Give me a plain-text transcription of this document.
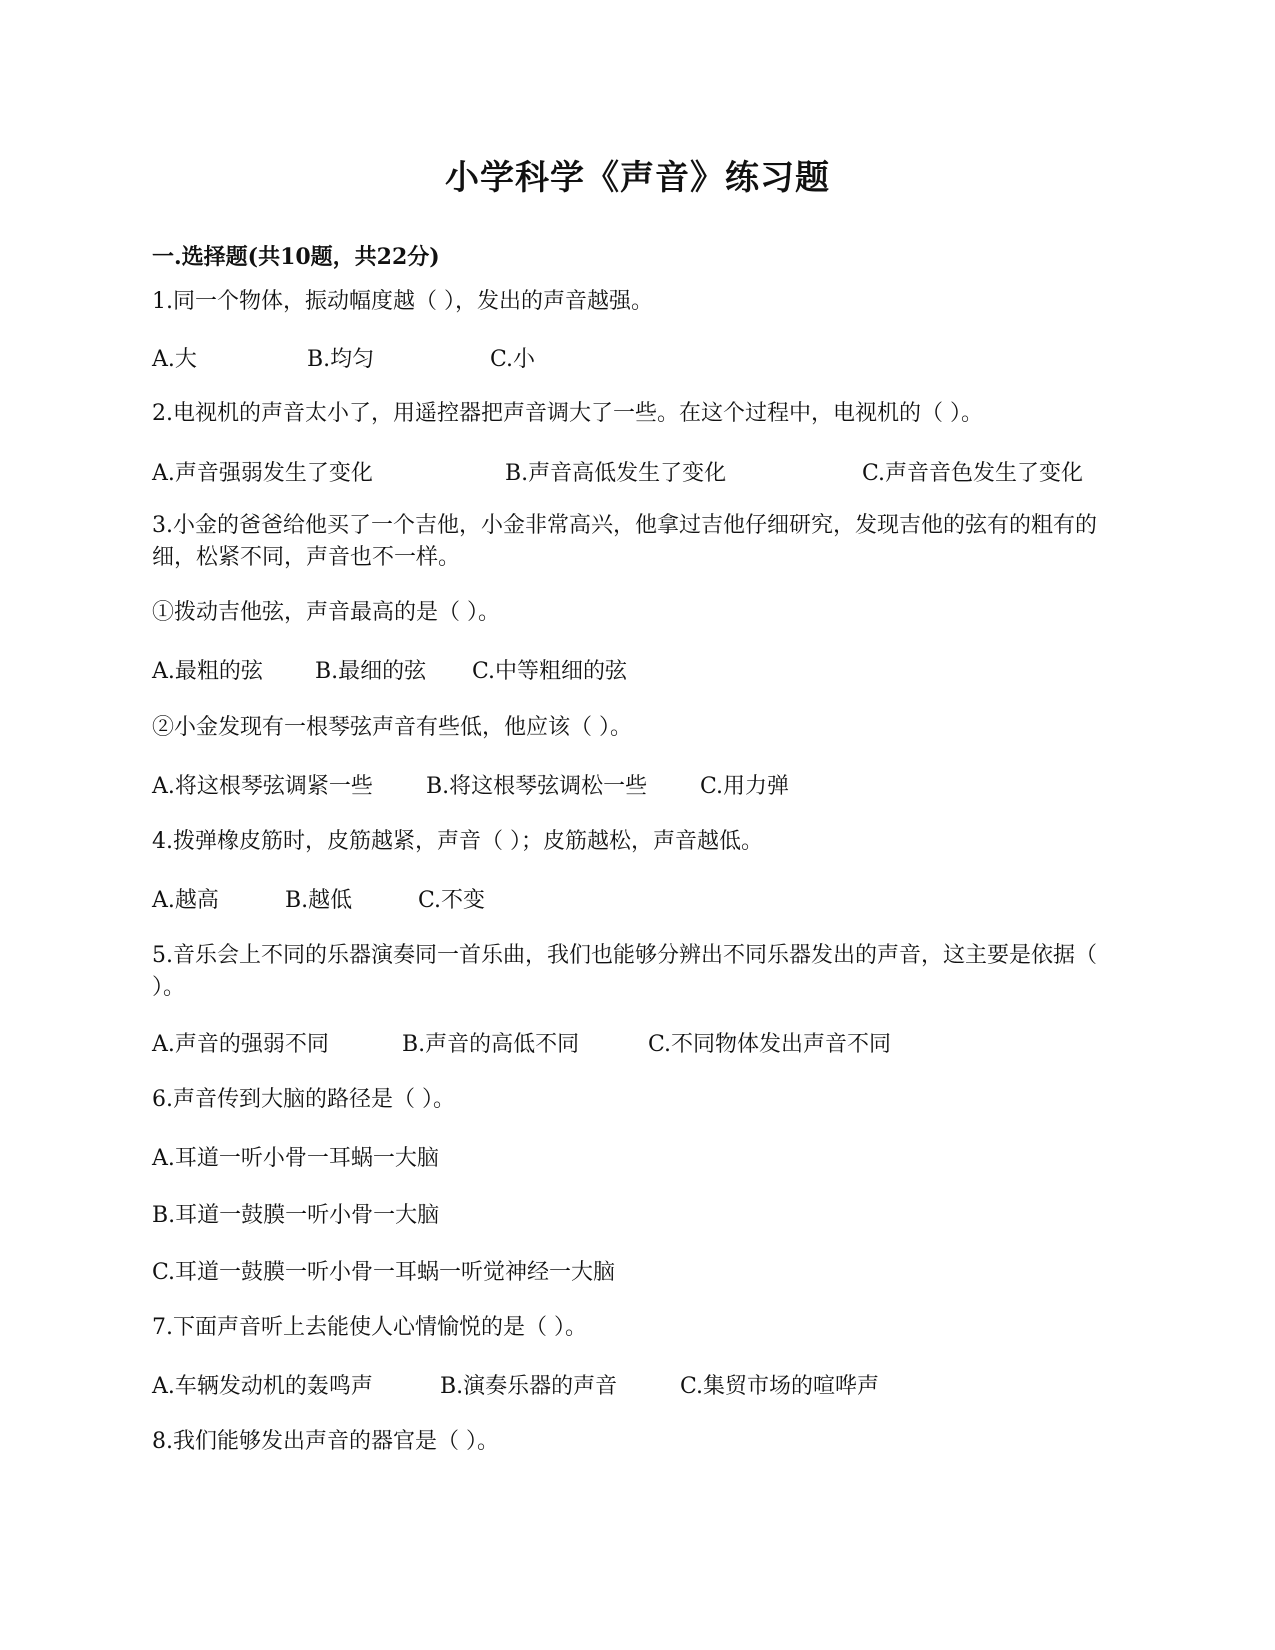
小学科学《声音》练习题
一.选择题(共10题，共22分)
1.同一个物体，振动幅度越（ ），发出的声音越强。
A.大	B.均匀	C.小
2.电视机的声音太小了，用遥控器把声音调大了一些。在这个过程中，电视机的（ ）。
A.声音强弱发生了变化	B.声音高低发生了变化	C.声音音色发生了变化
3.小金的爸爸给他买了一个吉他，小金非常高兴，他拿过吉他仔细研究，发现吉他的弦有的粗有的细，松紧不同，声音也不一样。
①拨动吉他弦，声音最高的是（ ）。
A.最粗的弦 B.最细的弦 C.中等粗细的弦
②小金发现有一根琴弦声音有些低，他应该（ ）。
A.将这根琴弦调紧一些 B.将这根琴弦调松一些 C.用力弹
4.拨弹橡皮筋时，皮筋越紧，声音（ ）；皮筋越松，声音越低。
A.越高	B.越低	C.不变
5.音乐会上不同的乐器演奏同一首乐曲，我们也能够分辨出不同乐器发出的声音，这主要是依据（ ）。
A.声音的强弱不同	B.声音的高低不同	C.不同物体发出声音不同
6.声音传到大脑的路径是（ ）。
A.耳道一听小骨一耳蜗一大脑
B.耳道一鼓膜一听小骨一大脑
C.耳道一鼓膜一听小骨一耳蜗一听觉神经一大脑
7.下面声音听上去能使人心情愉悦的是（ ）。
A.车辆发动机的轰鸣声	B.演奏乐器的声音	C.集贸市场的喧哗声
8.我们能够发出声音的器官是（ ）。
